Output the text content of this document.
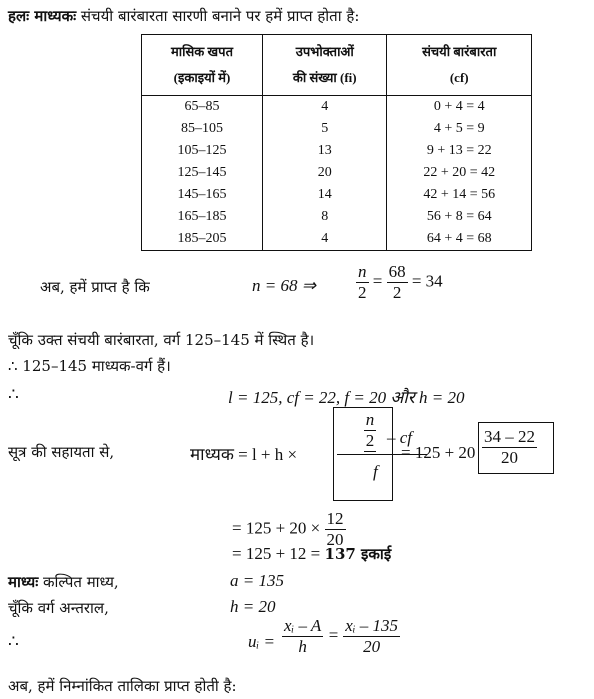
हलः माध्यकः संचयी बारंबारता सारणी बनाने पर हमें प्राप्त होता है:
मासिक खपत	उपभोक्ताओं	संचयी बारंबारता
(इकाइयों में)	की संख्या (fi)	(cf)
65–85	4	0 + 4 = 4
85–105	5	4 + 5 = 9
105–125	13	9 + 13 = 22
125–145	20	22 + 20 = 42
145–165	14	42 + 14 = 56
165–185	8	56 + 8 = 64
185–205	4	64 + 4 = 68
अब, हमें प्राप्त है कि	n = 68 ⇒ $\frac{n}{2} = \frac{68}{2} = 34$
चूँकि उक्त संचयी बारंबारता, वर्ग 125–145 में स्थित है।
∴ 125–145 माध्यक-वर्ग हैं।
∴	l = 125, cf = 22, f = 20 और h = 20
सूत्र की सहायता से,	माध्यक = l + h ×
$\frac{n}{2}$ – cf
f
= $125 + 20 \frac{34 - 22}{20}$
= $125 + 20 \times \frac{12}{20}$
= 125 + 12 = 137 इकाई
माध्यः कल्पित माध्य,	a = 135
चूँकि वर्ग अन्तराल,	h = 20
∴	uᵢ = $\frac{\text{xᵢ – A}}{h} = \frac{\text{xᵢ – 135}}{20}$
अब, हमें निम्नांकित तालिका प्राप्त होती है:
